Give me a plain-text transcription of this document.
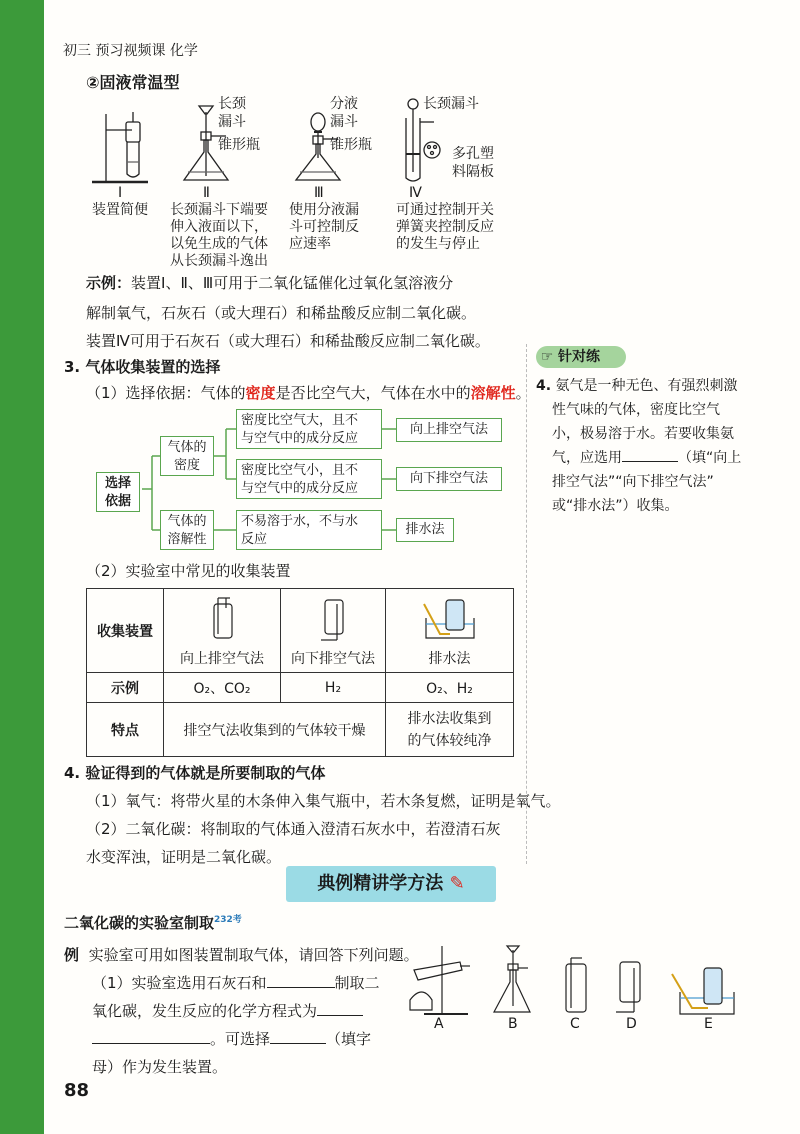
初三 预习视频课 化学
②固液常温型
长颈
漏斗
锥形瓶
分液
漏斗
锥形瓶
长颈漏斗
多孔塑
料隔板
Ⅰ	Ⅱ	Ⅲ	Ⅳ
装置简便 长颈漏斗下端要
伸入液面以下，
以免生成的气体
从长颈漏斗逸出
使用分液漏
斗可控制反
应速率
可通过控制开关
弹簧夹控制反应
的发生与停止
示例：装置Ⅰ、Ⅱ、Ⅲ可用于二氧化锰催化过氧化氢溶液分
解制氧气，石灰石（或大理石）和稀盐酸反应制二氧化碳。
装置Ⅳ可用于石灰石（或大理石）和稀盐酸反应制二氧化碳。
3. 气体收集装置的选择
（1）选择依据：气体的密度是否比空气大，气体在水中的溶解性。
选择
依据
气体的
密度
气体的
溶解性
密度比空气大，且不
与空气中的成分反应
密度比空气小，且不
与空气中的成分反应
不易溶于水，不与水
反应
向上排空气法
向下排空气法
排水法
（2）实验室中常见的收集装置
收集装置	向上排空气法	向下排空气法	排水法

示例	O₂、CO₂	H₂	O₂、H₂
特点	排空气法收集到的气体较干燥		排水法收集到
的气体较纯净
4. 验证得到的气体就是所要制取的气体
（1）氧气：将带火星的木条伸入集气瓶中，若木条复燃，证明是氧气。
（2）二氧化碳：将制取的气体通入澄清石灰水中，若澄清石灰
水变浑浊，证明是二氧化碳。
☞ 针对练
4. 氨气是一种无色、有强烈刺激
性气味的气体，密度比空气
小，极易溶于水。若要收集氨
气，应选用	（填“向上
排空气法”“向下排空气法”
或“排水法”）收集。
典例精讲学方法 ✎
二氧化碳的实验室制取$^{232考}$
例 实验室可用如图装置制取气体，请回答下列问题。
（1）实验室选用石灰石和	制取二
氧化碳，发生反应的化学方程式为
。可选择	（填字
母）作为发生装置。
A	B	C	D	E
88
